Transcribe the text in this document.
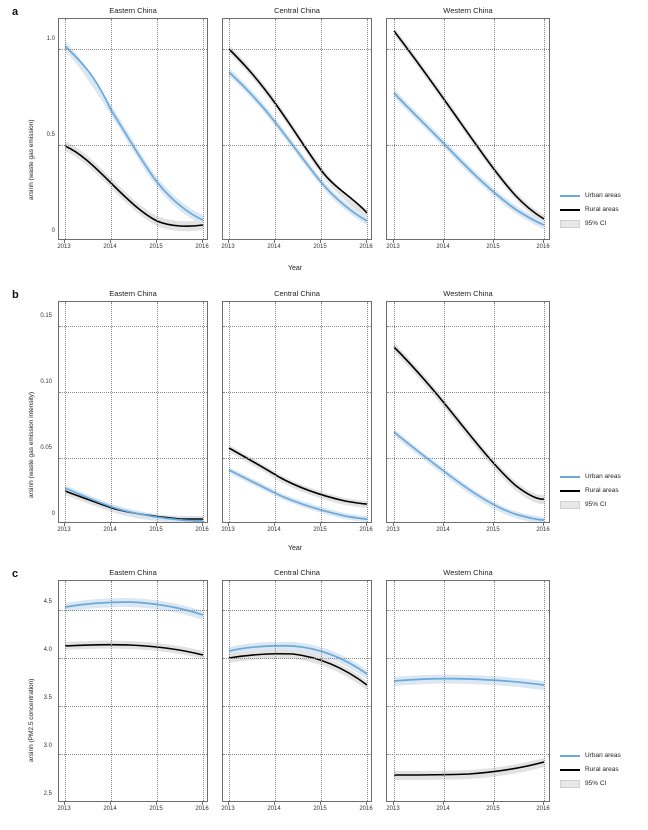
a
arsinh (waste gas emission)
Year
0
0.5
1.0
Eastern China
2013	2014	2015	2016
Central China
2013	2014	2015	2016
Western China
2013	2014	2015	2016
Urban areas
Rural areas
95% CI
b
arsinh (waste gas emission intensity)
Year
0
0.05
0.10
0.15
Eastern China
2013	2014	2015	2016
Central China
2013	2014	2015	2016
Western China
2013	2014	2015	2016
Urban areas
Rural areas
95% CI
c
arsinh (PM2.5 concentration)
2.5
3.0
3.5
4.0
4.5
Eastern China
2013	2014	2015	2016
Central China
2013	2014	2015	2016
Western China
2013	2014	2015	2016
Urban areas
Rural areas
95% CI
